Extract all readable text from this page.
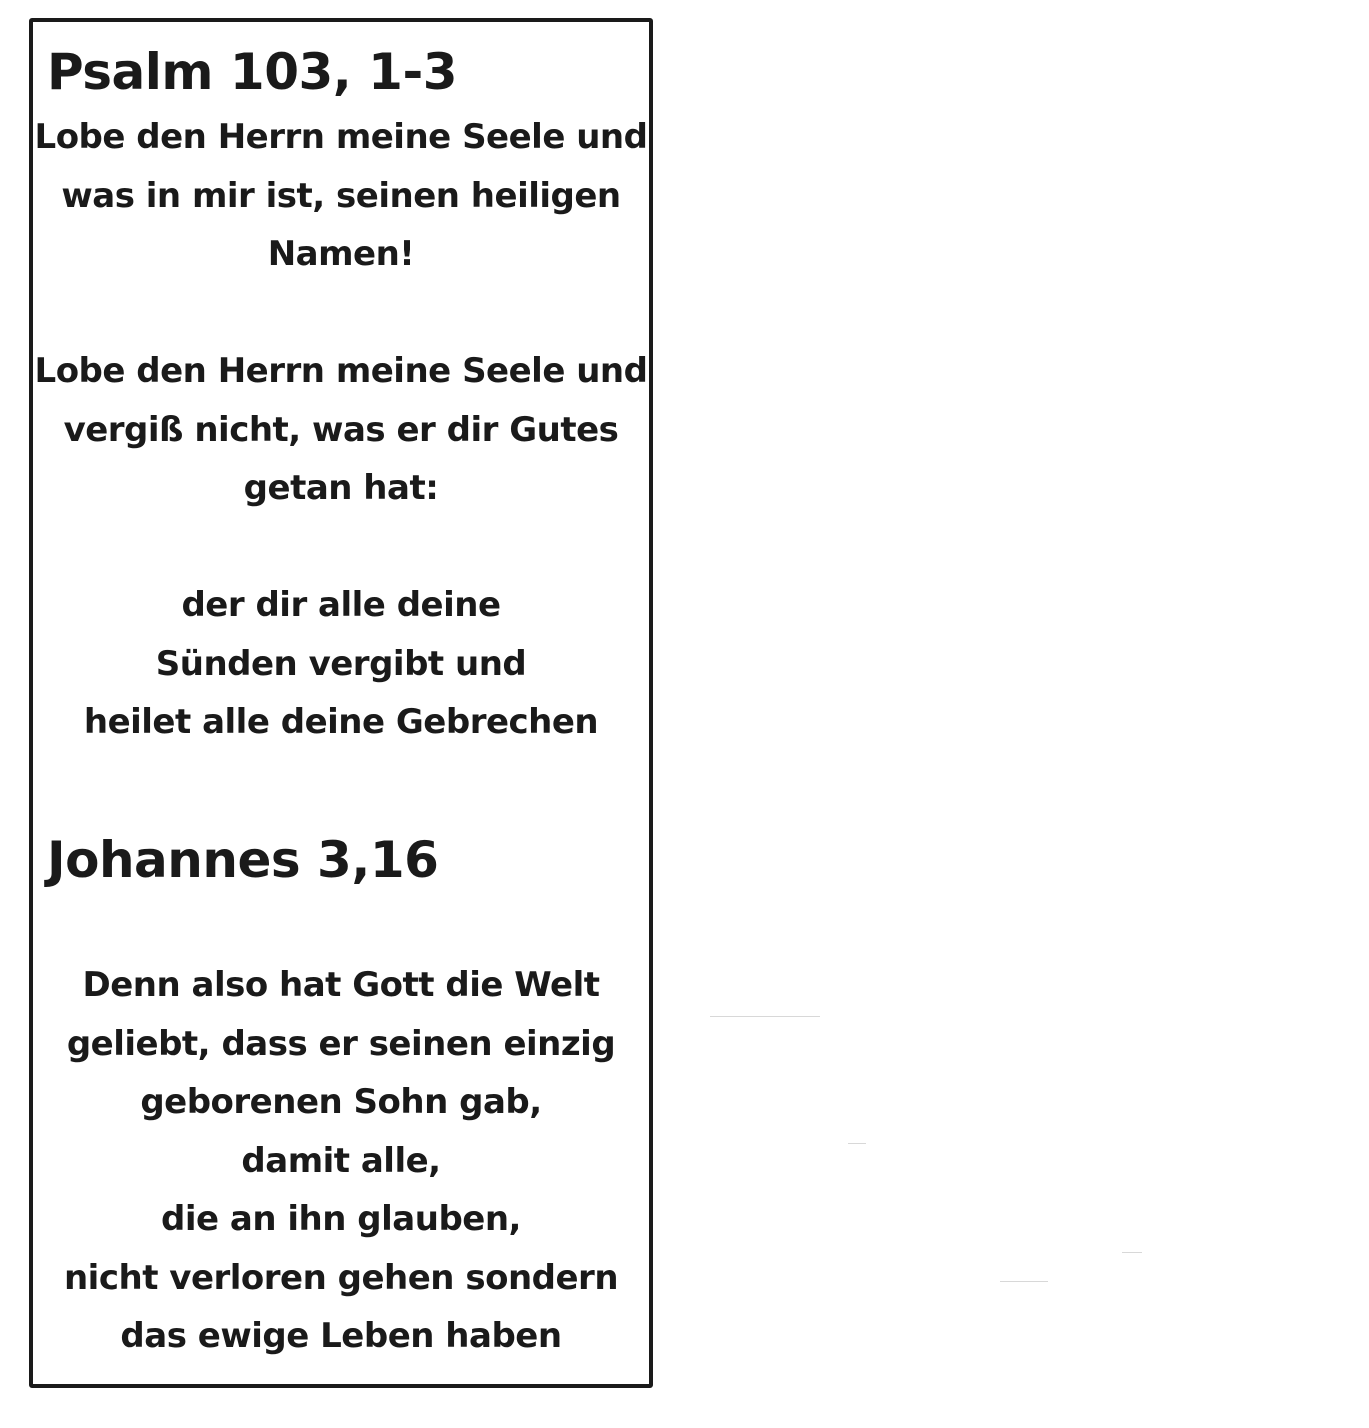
Psalm 103, 1-3

Lobe den Herrn meine Seele und
was in mir ist, seinen heiligen
Namen!

Lobe den Herrn meine Seele und
vergiß nicht, was er dir Gutes
getan hat:

der dir alle deine
Sünden vergibt und
heilet alle deine Gebrechen

Johannes 3,16

Denn also hat Gott die Welt
geliebt, dass er seinen einzig
geborenen Sohn gab,
damit alle,
die an ihn glauben,
nicht verloren gehen sondern
das ewige Leben haben
